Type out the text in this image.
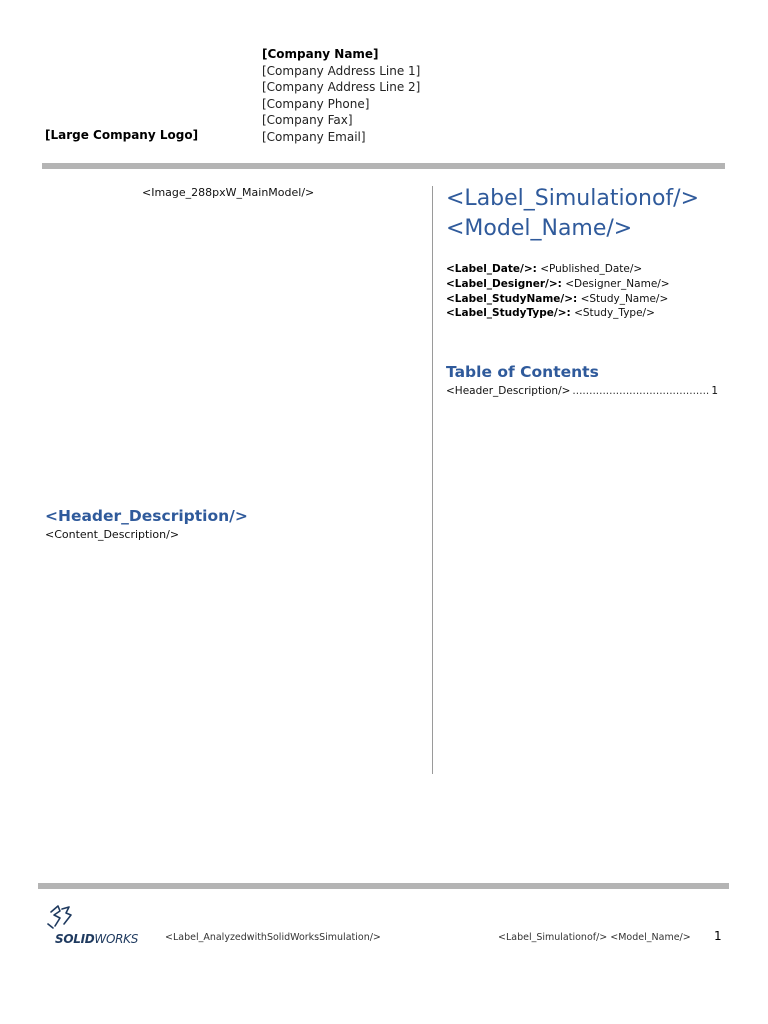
[Large Company Logo]
[Company Name]
[Company Address Line 1]
[Company Address Line 2]
[Company Phone]
[Company Fax]
[Company Email]
<Image_288pxW_MainModel/>
<Header_Description/>
<Content_Description/>
<Label_Simulationof/>
<Model_Name/>
<Label_Date/>: <Published_Date/>
<Label_Designer/>: <Designer_Name/>
<Label_StudyName/>: <Study_Name/>
<Label_StudyType/>: <Study_Type/>
Table of Contents
<Header_Description/>
.....	1
SOLIDWORKS	<Label_AnalyzedwithSolidWorksSimulation/>	<Label_Simulationof/> <Model_Name/> 1
